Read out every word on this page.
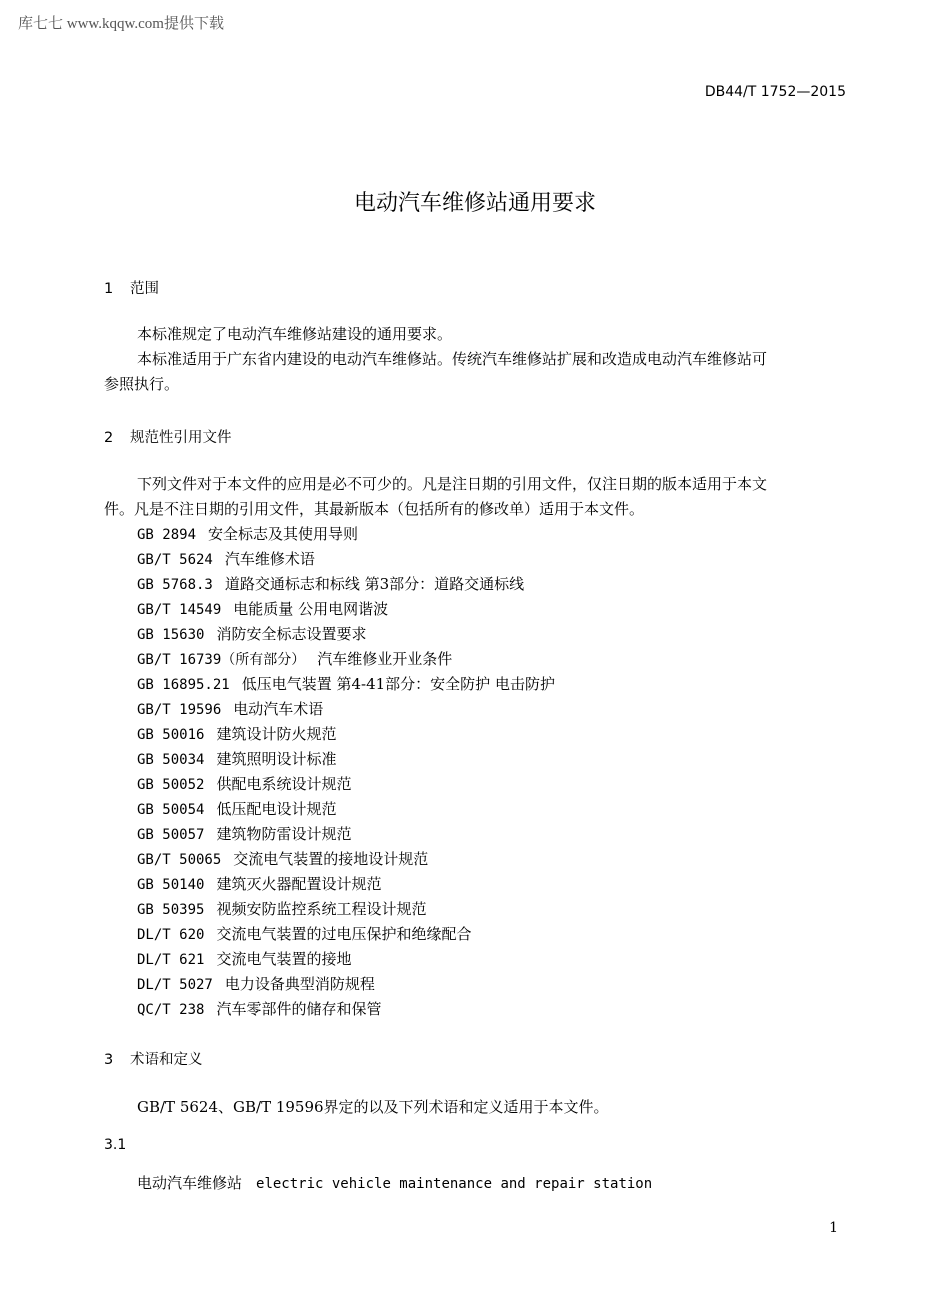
库七七 www.kqqw.com提供下载
DB44/T 1752—2015
电动汽车维修站通用要求
1 范围
本标准规定了电动汽车维修站建设的通用要求。
本标准适用于广东省内建设的电动汽车维修站。传统汽车维修站扩展和改造成电动汽车维修站可
参照执行。
2 规范性引用文件
下列文件对于本文件的应用是必不可少的。凡是注日期的引用文件，仅注日期的版本适用于本文
件。凡是不注日期的引用文件，其最新版本（包括所有的修改单）适用于本文件。
GB 2894 安全标志及其使用导则
GB/T 5624 汽车维修术语
GB 5768.3 道路交通标志和标线 第3部分：道路交通标线
GB/T 14549 电能质量 公用电网谐波
GB 15630 消防安全标志设置要求
GB/T 16739（所有部分） 汽车维修业开业条件
GB 16895.21 低压电气装置 第4-41部分：安全防护 电击防护
GB/T 19596 电动汽车术语
GB 50016 建筑设计防火规范
GB 50034 建筑照明设计标准
GB 50052 供配电系统设计规范
GB 50054 低压配电设计规范
GB 50057 建筑物防雷设计规范
GB/T 50065 交流电气装置的接地设计规范
GB 50140 建筑灭火器配置设计规范
GB 50395 视频安防监控系统工程设计规范
DL/T 620 交流电气装置的过电压保护和绝缘配合
DL/T 621 交流电气装置的接地
DL/T 5027 电力设备典型消防规程
QC/T 238 汽车零部件的储存和保管
3 术语和定义
GB/T 5624、GB/T 19596界定的以及下列术语和定义适用于本文件。
3.1
电动汽车维修站 electric vehicle maintenance and repair station
1
